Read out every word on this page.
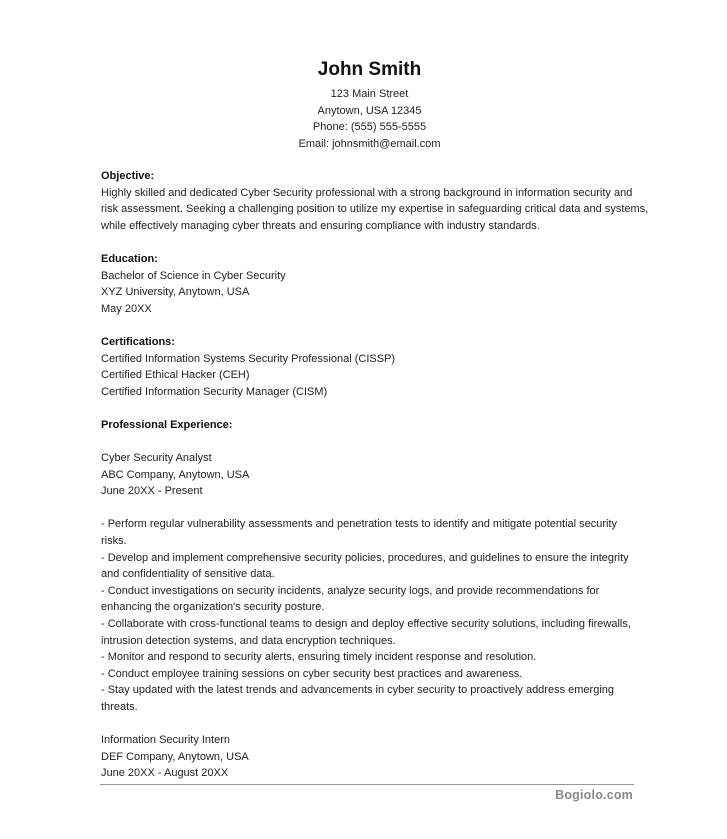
John Smith
123 Main Street
Anytown, USA 12345
Phone: (555) 555-5555
Email: johnsmith@email.com
Objective:
Highly skilled and dedicated Cyber Security professional with a strong background in information security and
risk assessment. Seeking a challenging position to utilize my expertise in safeguarding critical data and systems,
while effectively managing cyber threats and ensuring compliance with industry standards.
Education:
Bachelor of Science in Cyber Security
XYZ University, Anytown, USA
May 20XX
Certifications:
Certified Information Systems Security Professional (CISSP)
Certified Ethical Hacker (CEH)
Certified Information Security Manager (CISM)
Professional Experience:
Cyber Security Analyst
ABC Company, Anytown, USA
June 20XX - Present
- Perform regular vulnerability assessments and penetration tests to identify and mitigate potential security
risks.
- Develop and implement comprehensive security policies, procedures, and guidelines to ensure the integrity
and confidentiality of sensitive data.
- Conduct investigations on security incidents, analyze security logs, and provide recommendations for
enhancing the organization's security posture.
- Collaborate with cross-functional teams to design and deploy effective security solutions, including firewalls,
intrusion detection systems, and data encryption techniques.
- Monitor and respond to security alerts, ensuring timely incident response and resolution.
- Conduct employee training sessions on cyber security best practices and awareness.
- Stay updated with the latest trends and advancements in cyber security to proactively address emerging
threats.
Information Security Intern
DEF Company, Anytown, USA
June 20XX - August 20XX
Bogiolo.com
